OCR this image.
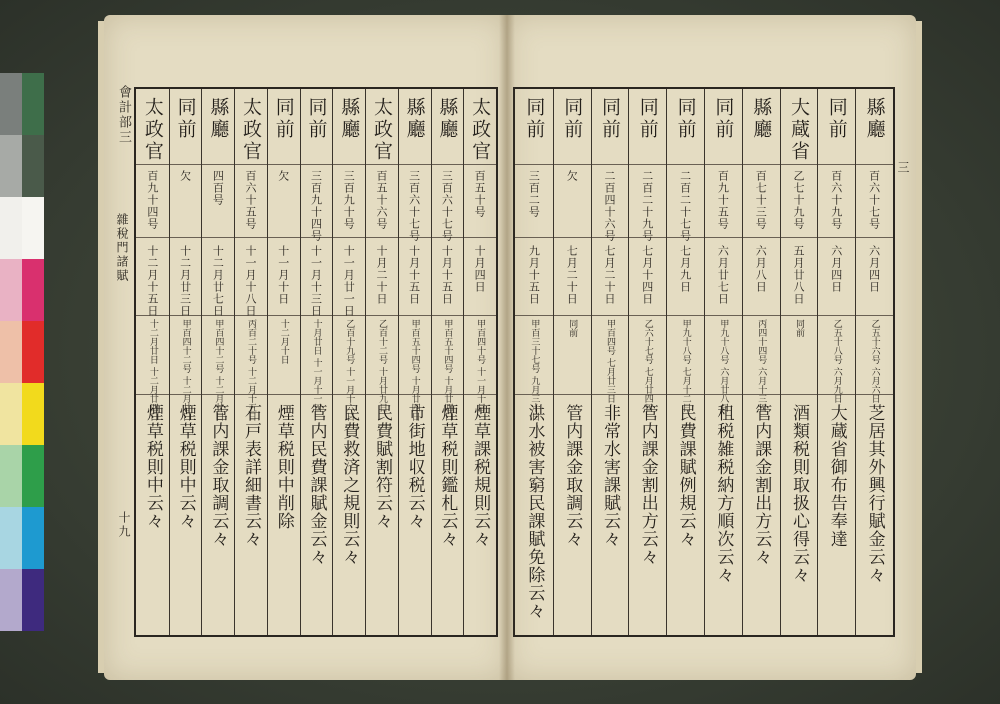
會計部三
雜稅門諸賦
十九
太政官
百五十号
十月四日
甲百四十号 十一月十日
煙草課税規則云々
縣廳
三百六十七号
十月十五日
甲百五十四号 十月廿四日
煙草税則鑑札云々
縣廳
三百六十七号
十月十五日
甲百五十四号 十月廿四日
市街地収税云々
太政官
百五十六号
十月二十日
乙百十二号 十月廿九日
民費賦割符云々
縣廳
三百九十号
十一月廿一日
乙百十九号 十一月十六日
民費救済之規則云々
同前
三百九十四号
十一月十三日
十月廿日 十一月十一日
管内民費課賦金云々
同前
欠
十一月十日
十二月十日
煙草税則中削除
太政官
百六十五号
十一月十八日
丙百二十号 十二月十五日
石戸表詳細書云々
縣廳
四百号
十二月廿七日
甲百四十二号 十二月廿日
管内課金取調云々
同前
欠
十二月廿三日
甲百四十二号 十二月廿日
煙草税則中云々
太政官
百九十四号
十二月十五日
十二月廿日 十二月廿四日
煙草税則中云々
縣廳
百六十七号
六月四日
乙五十六号 六月六日
芝居其外興行賦金云々
同前
百六十九号
六月四日
乙五十八号 六月九日
大蔵省御布告奉達
大蔵省
乙七十九号
五月廿八日
同前
酒類税則取扱心得云々
縣廳
百七十三号
六月八日
丙四十四号 六月十三日
管内課金割出方云々
同前
百九十五号
六月廿七日
甲九十八号 六月廿八日
租税雑税納方順次云々
同前
二百二十七号
七月九日
甲九十八号 七月十二日
民費課賦例規云々
同前
二百二十九号
七月十四日
乙六十七号 七月廿四日
管内課金割出方云々
同前
二百四十六号
七月二十日
甲百四号 七月廿三日
非常水害課賦云々
同前
欠
七月二十日
同前
管内課金取調云々
同前
三百二号
九月十五日
甲百三十七号 九月三十日
洪水被害窮民課賦免除云々
三
